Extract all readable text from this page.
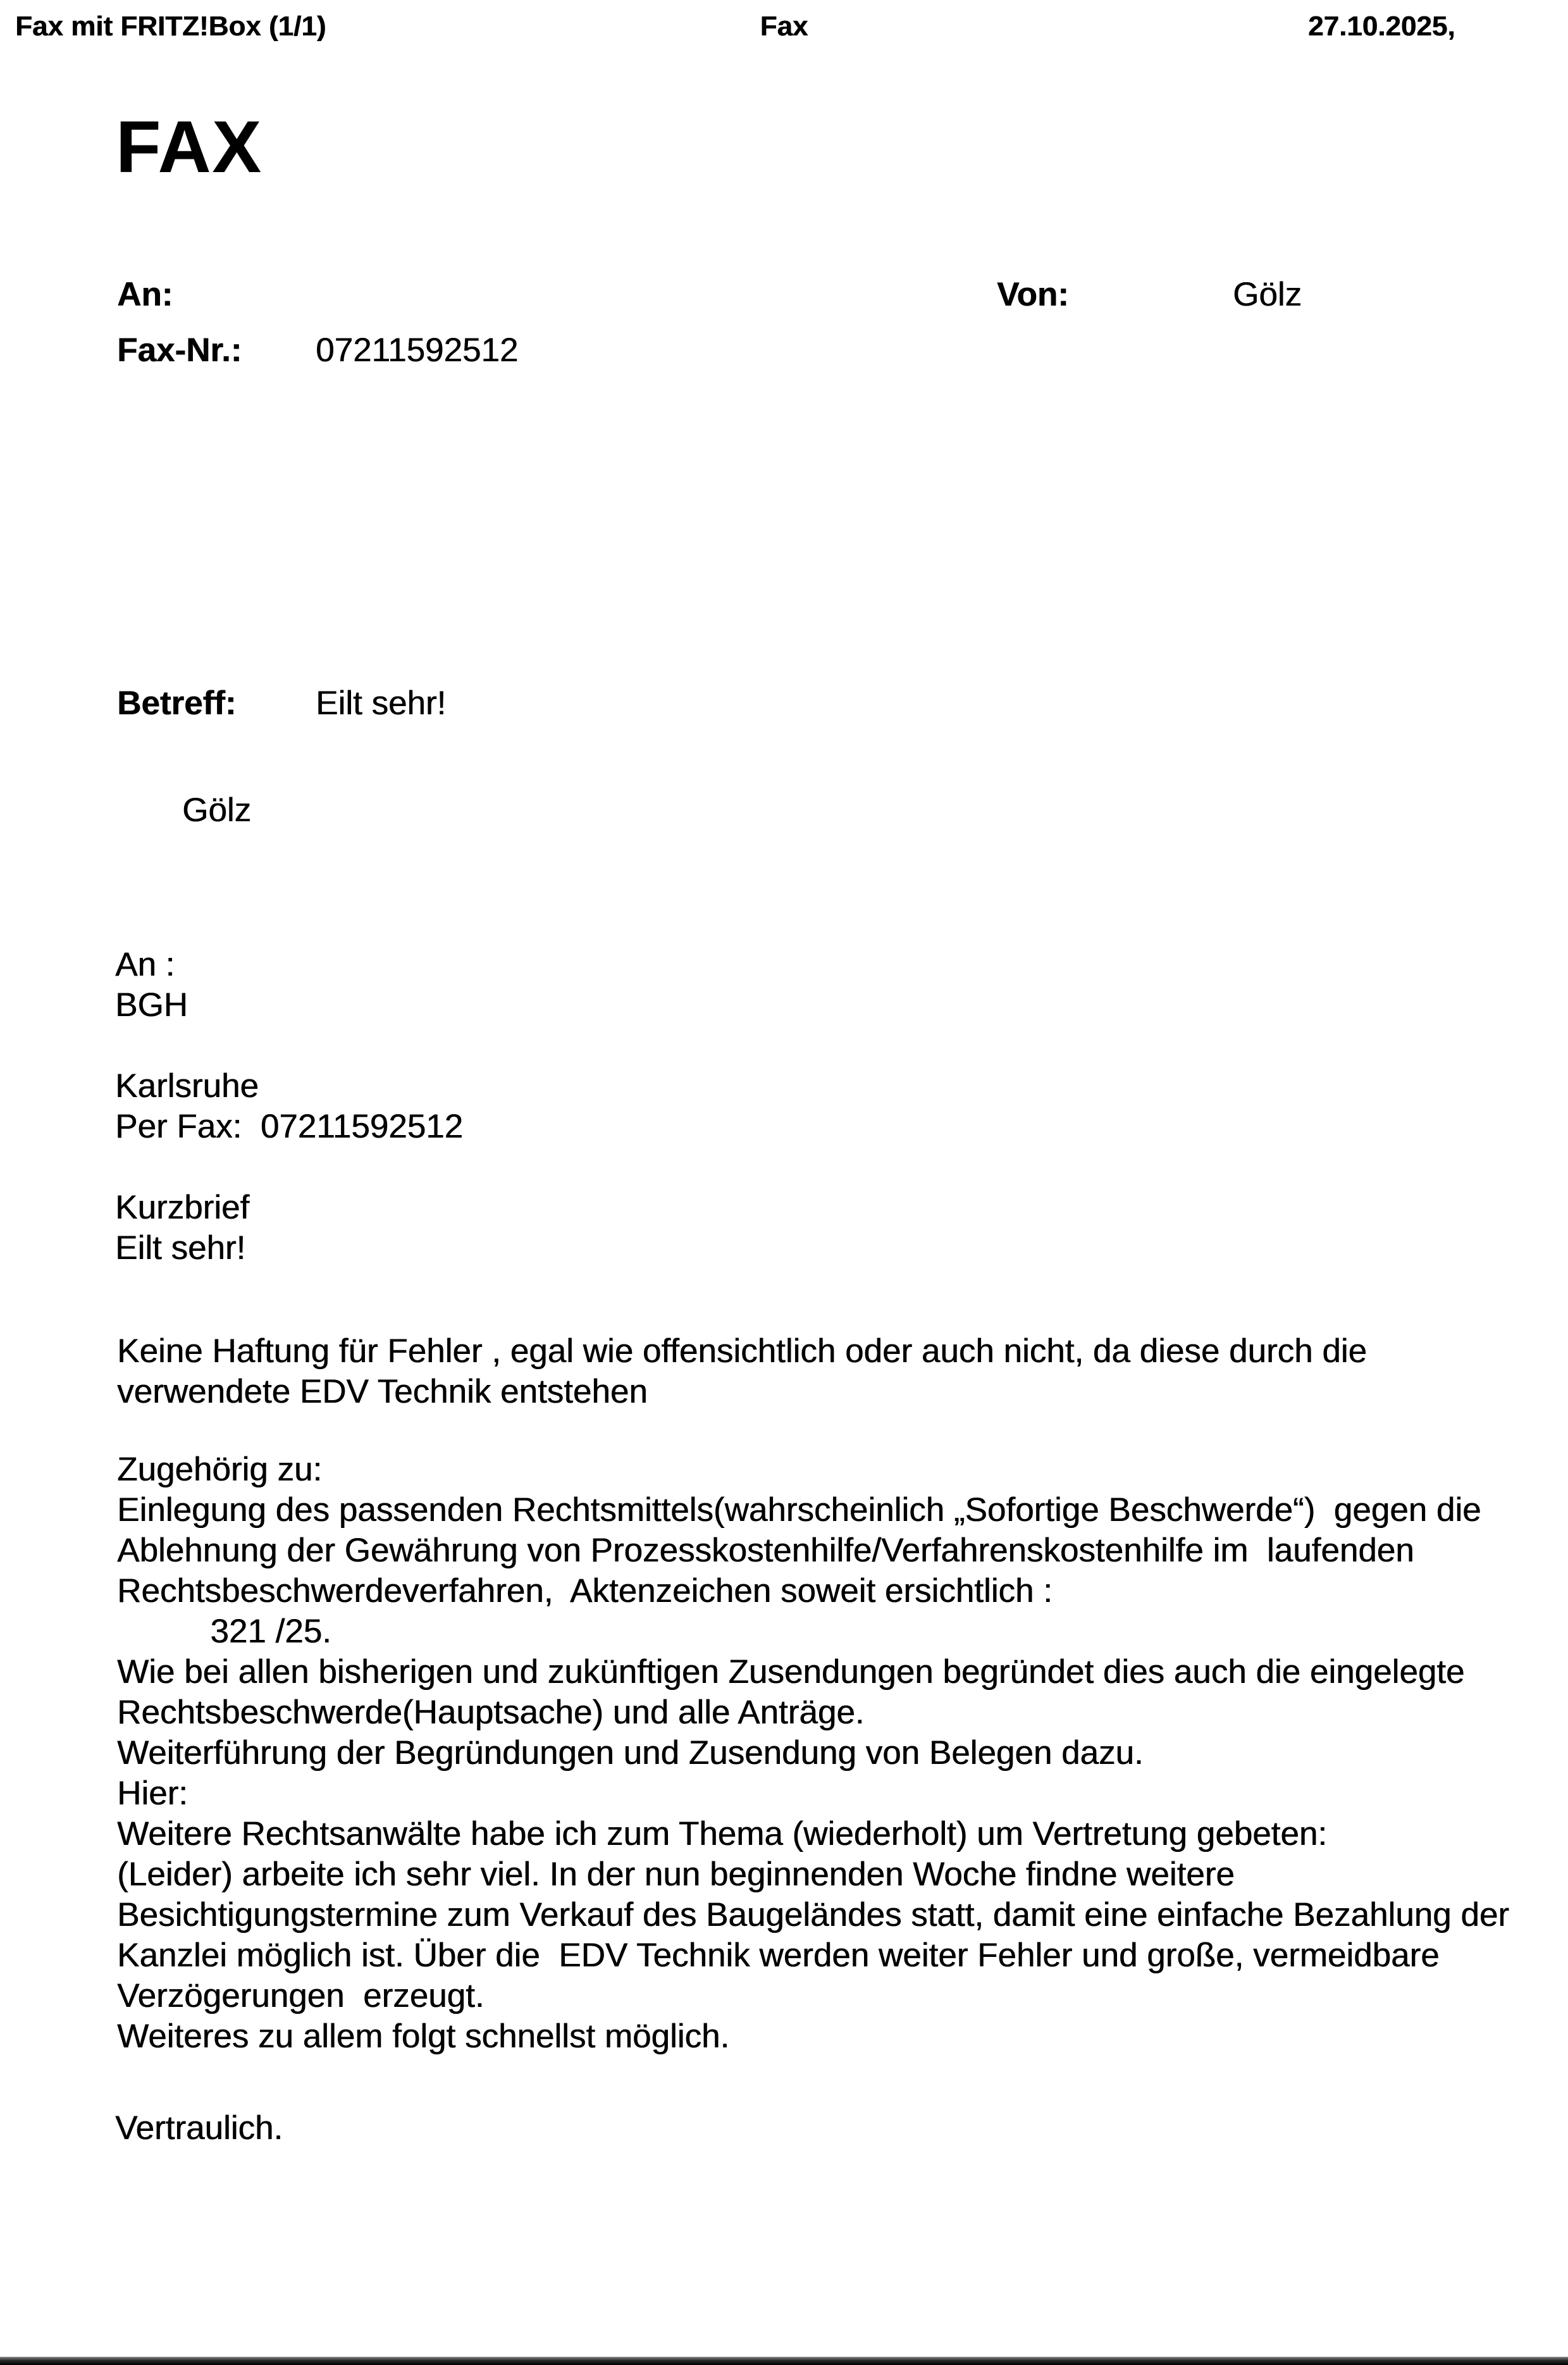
Fax mit FRITZ!Box (1/1)	Fax	27.10.2025,
FAX
An:	Von:	Gölz
Fax-Nr.: 07211592512
Betreff: Eilt sehr!
Gölz
An :
BGH

Karlsruhe
Per Fax:  07211592512

Kurzbrief
Eilt sehr!
Keine Haftung für Fehler , egal wie offensichtlich oder auch nicht, da diese durch die
verwendete EDV Technik entstehen
Zugehörig zu:
Einlegung des passenden Rechtsmittels(wahrscheinlich „Sofortige Beschwerde“)  gegen die
Ablehnung der Gewährung von Prozesskostenhilfe/Verfahrenskostenhilfe im  laufenden
Rechtsbeschwerdeverfahren,  Aktenzeichen soweit ersichtlich :
321 /25.
Wie bei allen bisherigen und zukünftigen Zusendungen begründet dies auch die eingelegte
Rechtsbeschwerde(Hauptsache) und alle Anträge.
Weiterführung der Begründungen und Zusendung von Belegen dazu.
Hier:
Weitere Rechtsanwälte habe ich zum Thema (wiederholt) um Vertretung gebeten:
(Leider) arbeite ich sehr viel. In der nun beginnenden Woche findne weitere
Besichtigungstermine zum Verkauf des Baugeländes statt, damit eine einfache Bezahlung der
Kanzlei möglich ist. Über die  EDV Technik werden weiter Fehler und große, vermeidbare
Verzögerungen  erzeugt.
Weiteres zu allem folgt schnellst möglich.
Vertraulich.
